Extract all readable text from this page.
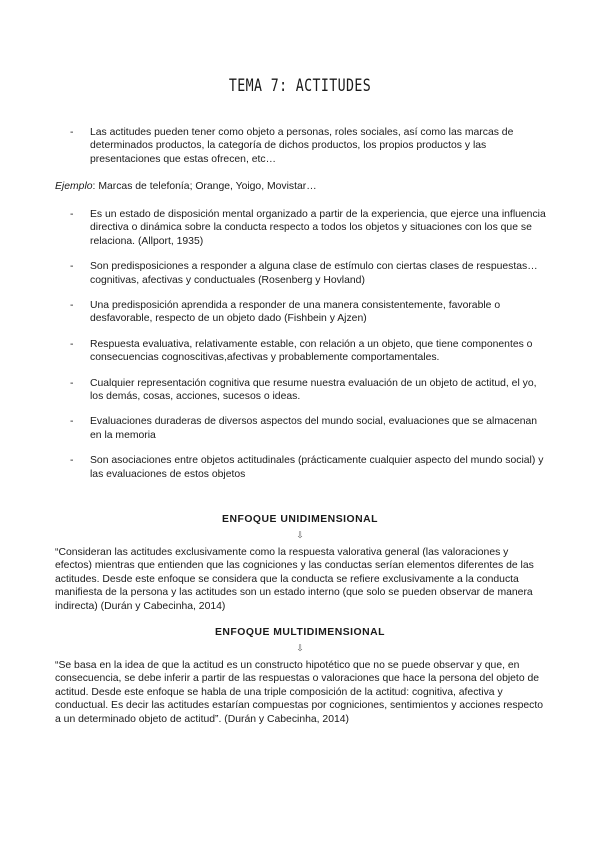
TEMA 7: ACTITUDES
- Las actitudes pueden tener como objeto a personas, roles sociales, así como las marcas de determinados productos, la categoría de dichos productos, los propios productos y las presentaciones que estas ofrecen, etc…
Ejemplo: Marcas de telefonía; Orange, Yoigo, Movistar…
- Es un estado de disposición mental organizado a partir de la experiencia, que ejerce una influencia directiva o dinámica sobre la conducta respecto a todos los objetos y situaciones con los que se relaciona. (Allport, 1935)
- Son predisposiciones a responder a alguna clase de estímulo con ciertas clases de respuestas… cognitivas, afectivas y conductuales (Rosenberg y Hovland)
- Una predisposición aprendida a responder de una manera consistentemente, favorable o desfavorable, respecto de un objeto dado (Fishbein y Ajzen)
- Respuesta evaluativa, relativamente estable, con relación a un objeto, que tiene componentes o consecuencias cognoscitivas,afectivas y probablemente comportamentales.
- Cualquier representación cognitiva que resume nuestra evaluación de un objeto de actitud, el yo, los demás, cosas, acciones, sucesos o ideas.
- Evaluaciones duraderas de diversos aspectos del mundo social, evaluaciones que se almacenan en la memoria
- Son asociaciones entre objetos actitudinales (prácticamente cualquier aspecto del mundo social) y las evaluaciones de estos objetos
ENFOQUE UNIDIMENSIONAL
⇩
“Consideran las actitudes exclusivamente como la respuesta valorativa general (las valoraciones y efectos) mientras que entienden que las cogniciones y las conductas serían elementos diferentes de las actitudes. Desde este enfoque se considera que la conducta se refiere exclusivamente a la conducta manifiesta de la persona y las actitudes son un estado interno (que solo se pueden observar de manera indirecta) (Durán y Cabecinha, 2014)
ENFOQUE MULTIDIMENSIONAL
⇩
“Se basa en la idea de que la actitud es un constructo hipotético que no se puede observar y que, en consecuencia, se debe inferir a partir de las respuestas o valoraciones que hace la persona del objeto de actitud. Desde este enfoque se habla de una triple composición de la actitud: cognitiva, afectiva y conductual. Es decir las actitudes estarían compuestas por cogniciones, sentimientos y acciones respecto a un determinado objeto de actitud”. (Durán y Cabecinha, 2014)
